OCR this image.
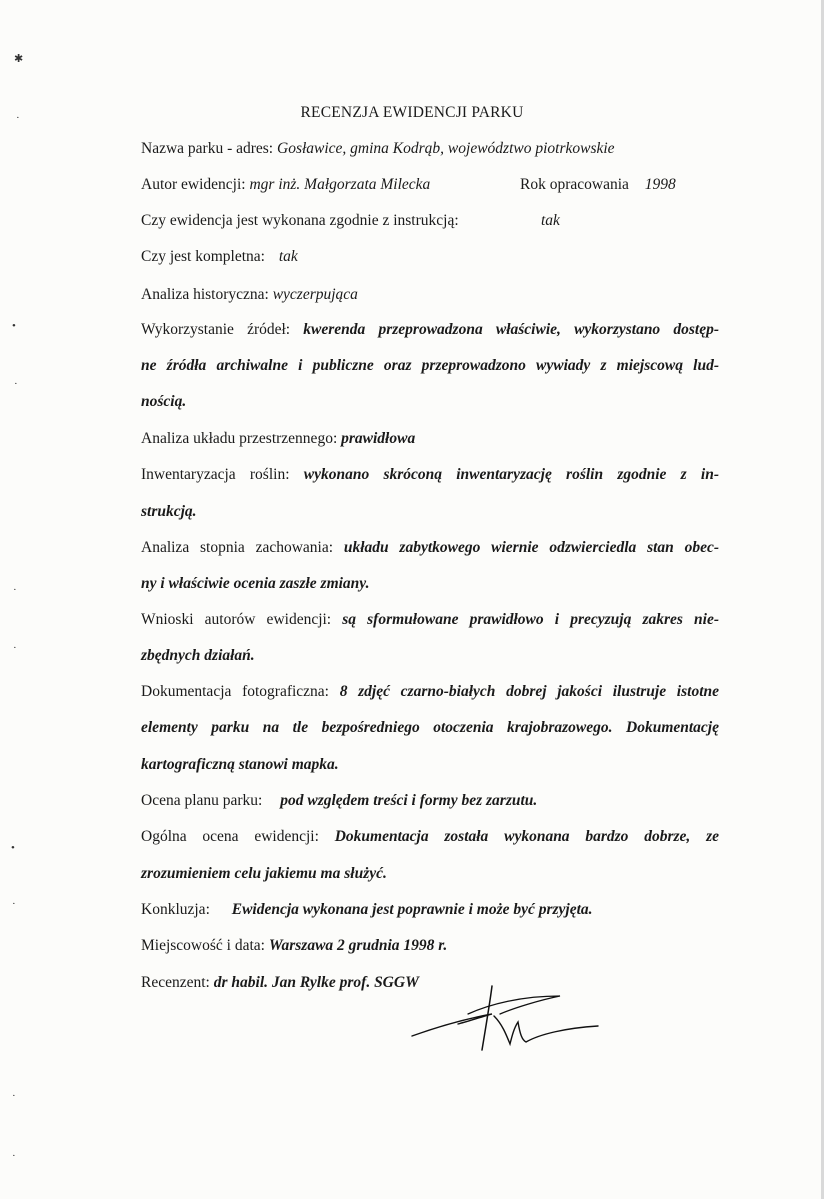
✱
·
•
·
·
·
•
·
·
·
RECENZJA EWIDENCJI PARKU
Nazwa parku - adres: Gosławice, gmina Kodrąb, województwo piotrkowskie
Autor ewidencji: mgr inż. Małgorzata Milecka	Rok opracowania 1998
Czy ewidencja jest wykonana zgodnie z instrukcją:	tak
Czy jest kompletna: tak
Analiza historyczna: wyczerpująca
Wykorzystanie źródeł: kwerenda przeprowadzona właściwie, wykorzystano dostęp-
ne źródła archiwalne i publiczne oraz przeprowadzono wywiady z miejscową lud-
nością.
Analiza układu przestrzennego: prawidłowa
Inwentaryzacja roślin: wykonano skróconą inwentaryzację roślin zgodnie z in-
strukcją.
Analiza stopnia zachowania: układu zabytkowego wiernie odzwierciedla stan obec-
ny i właściwie ocenia zaszłe zmiany.
Wnioski autorów ewidencji: są sformułowane prawidłowo i precyzują zakres nie-
zbędnych działań.
Dokumentacja fotograficzna: 8 zdjęć czarno-białych dobrej jakości ilustruje istotne
elementy parku na tle bezpośredniego otoczenia krajobrazowego. Dokumentację
kartograficzną stanowi mapka.
Ocena planu parku: pod względem treści i formy bez zarzutu.
Ogólna ocena ewidencji: Dokumentacja została wykonana bardzo dobrze, ze
zrozumieniem celu jakiemu ma służyć.
Konkluzja: Ewidencja wykonana jest poprawnie i może być przyjęta.
Miejscowość i data: Warszawa 2 grudnia 1998 r.
Recenzent: dr habil. Jan Rylke prof. SGGW
